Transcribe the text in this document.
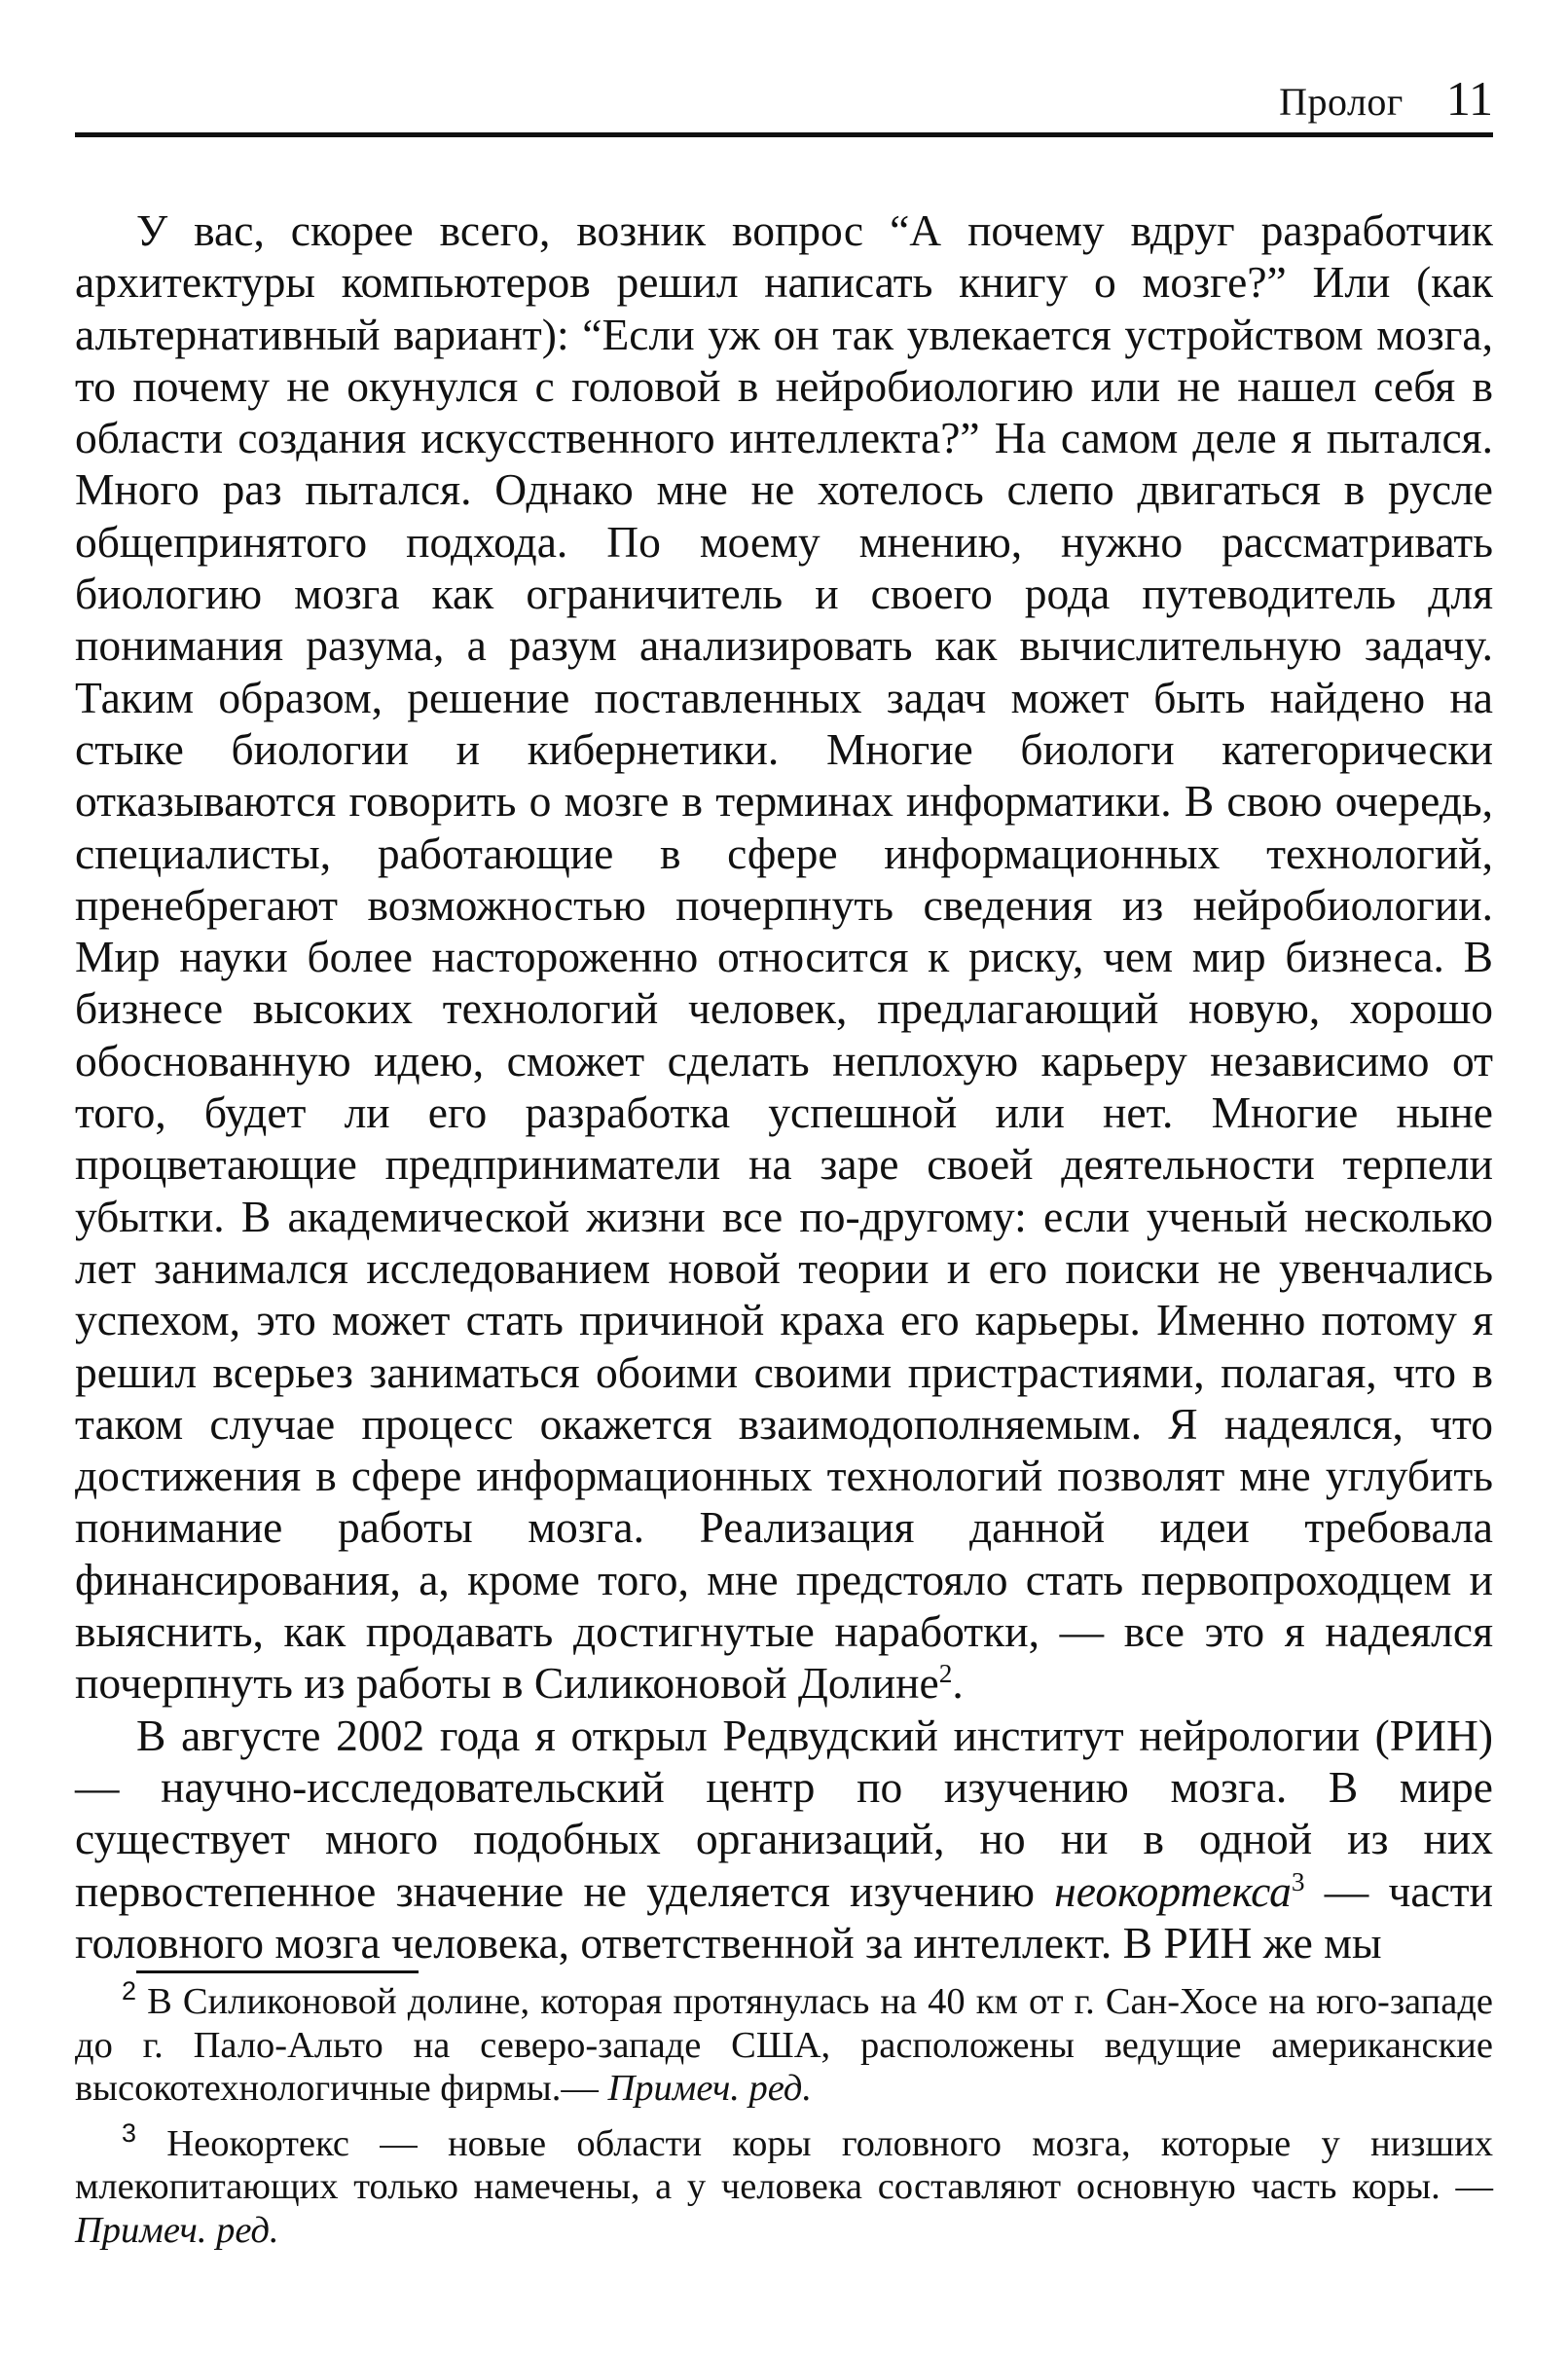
Пролог 11

У вас, скорее всего, возник вопрос “А почему вдруг разработчик архитектуры компьютеров решил написать книгу о мозге?” Или (как альтернативный вариант): “Если уж он так увлекается устройством мозга, то почему не окунулся с головой в нейробиологию или не нашел себя в области создания искусственного интеллекта?” На самом деле я пытался. Много раз пытался. Однако мне не хотелось слепо двигаться в русле общепринятого подхода. По моему мнению, нужно рассматривать биологию мозга как ограничитель и своего рода путеводитель для понимания разума, а разум анализировать как вычислительную задачу. Таким образом, решение поставленных задач может быть найдено на стыке биологии и кибернетики. Многие биологи категорически отказываются говорить о мозге в терминах информатики. В свою очередь, специалисты, работающие в сфере информационных технологий, пренебрегают возможностью почерпнуть сведения из нейробиологии. Мир науки более настороженно относится к риску, чем мир бизнеса. В бизнесе высоких технологий человек, предлагающий новую, хорошо обоснованную идею, сможет сделать неплохую карьеру независимо от того, будет ли его разработка успешной или нет. Многие ныне процветающие предприниматели на заре своей деятельности терпели убытки. В академической жизни все по-другому: если ученый несколько лет занимался исследованием новой теории и его поиски не увенчались успехом, это может стать причиной краха его карьеры. Именно потому я решил всерьез заниматься обоими своими пристрастиями, полагая, что в таком случае процесс окажется взаимодополняемым. Я надеялся, что достижения в сфере информационных технологий позволят мне углубить понимание работы мозга. Реализация данной идеи требовала финансирования, а, кроме того, мне предстояло стать первопроходцем и выяснить, как продавать достигнутые наработки, — все это я надеялся почерпнуть из работы в Силиконовой Долине$^2$.

В августе 2002 года я открыл Редвудский институт нейрологии (РИН) — научно-исследовательский центр по изучению мозга. В мире существует много подобных организаций, но ни в одной из них первостепенное значение не уделяется изучению неокортекса$^3$ — части головного мозга человека, ответственной за интеллект. В РИН же мы

$^2$ В Силиконовой долине, которая протянулась на 40 км от г. Сан-Хосе на юго-западе до г. Пало-Альто на северо-западе США, расположены ведущие американские высокотехнологичные фирмы.— Примеч. ред.

$^3$ Неокортекс — новые области коры головного мозга, которые у низших млекопитающих только намечены, а у человека составляют основную часть коры. — Примеч. ред.
